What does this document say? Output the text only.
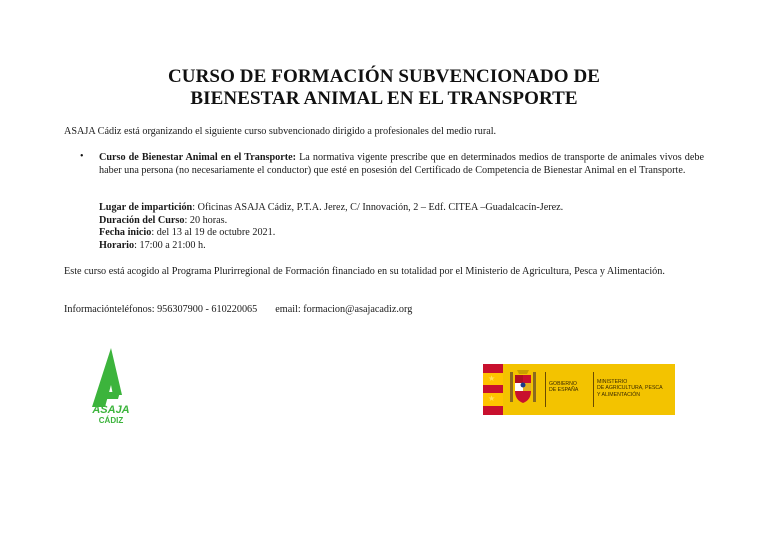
CURSO DE FORMACIÓN SUBVENCIONADO DE
BIENESTAR ANIMAL EN EL TRANSPORTE
ASAJA Cádiz está organizando el siguiente curso subvencionado dirigido a profesionales del medio rural.
• Curso de Bienestar Animal en el Transporte: La normativa vigente prescribe que en determinados medios de transporte de animales vivos debe haber una persona (no necesariamente el conductor) que esté en posesión del Certificado de Competencia de Bienestar Animal en el Transporte.
Lugar de impartición: Oficinas ASAJA Cádiz, P.T.A. Jerez, C/ Innovación, 2 – Edf. CITEA –Guadalcacín-Jerez.
Duración del Curso: 20 horas.
Fecha inicio: del 13 al 19 de octubre 2021.
Horario: 17:00 a 21:00 h.
Este curso está acogido al Programa Plurirregional de Formación financiado en su totalidad por el Ministerio de Agricultura, Pesca y Alimentación.
Informaciónteléfonos: 956307900 - 610220065 email: formacion@asajacadiz.org
ASAJA
CÁDIZ
★
★
GOBIERNO
DE ESPAÑA
MINISTERIO
DE AGRICULTURA, PESCA
Y ALIMENTACIÓN
